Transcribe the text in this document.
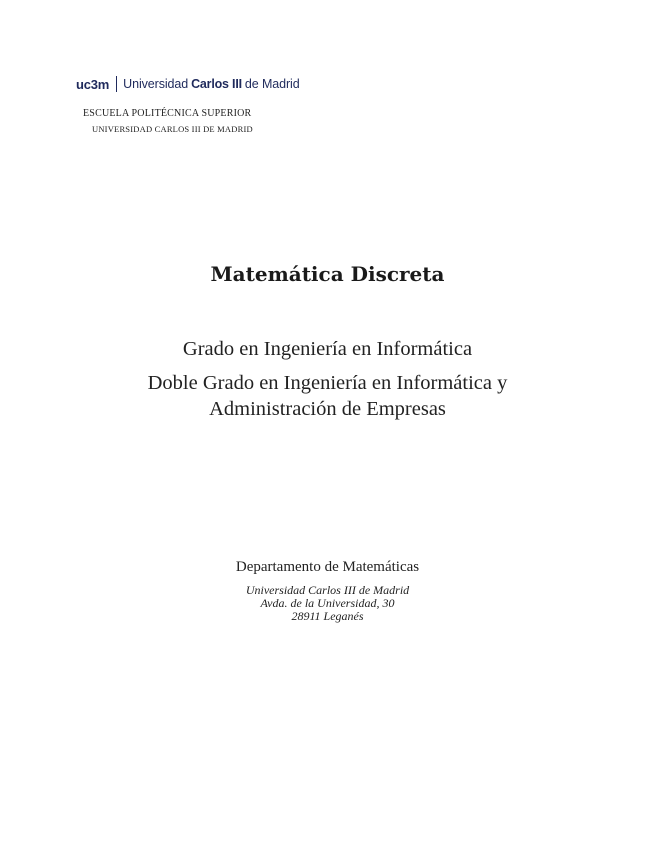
uc3m Universidad Carlos III de Madrid
ESCUELA POLITÉCNICA SUPERIOR
UNIVERSIDAD CARLOS III DE MADRID
Matemática Discreta
Grado en Ingeniería en Informática
Doble Grado en Ingeniería en Informática y
Administración de Empresas
Departamento de Matemáticas
Universidad Carlos III de Madrid
Avda. de la Universidad, 30
28911 Leganés
